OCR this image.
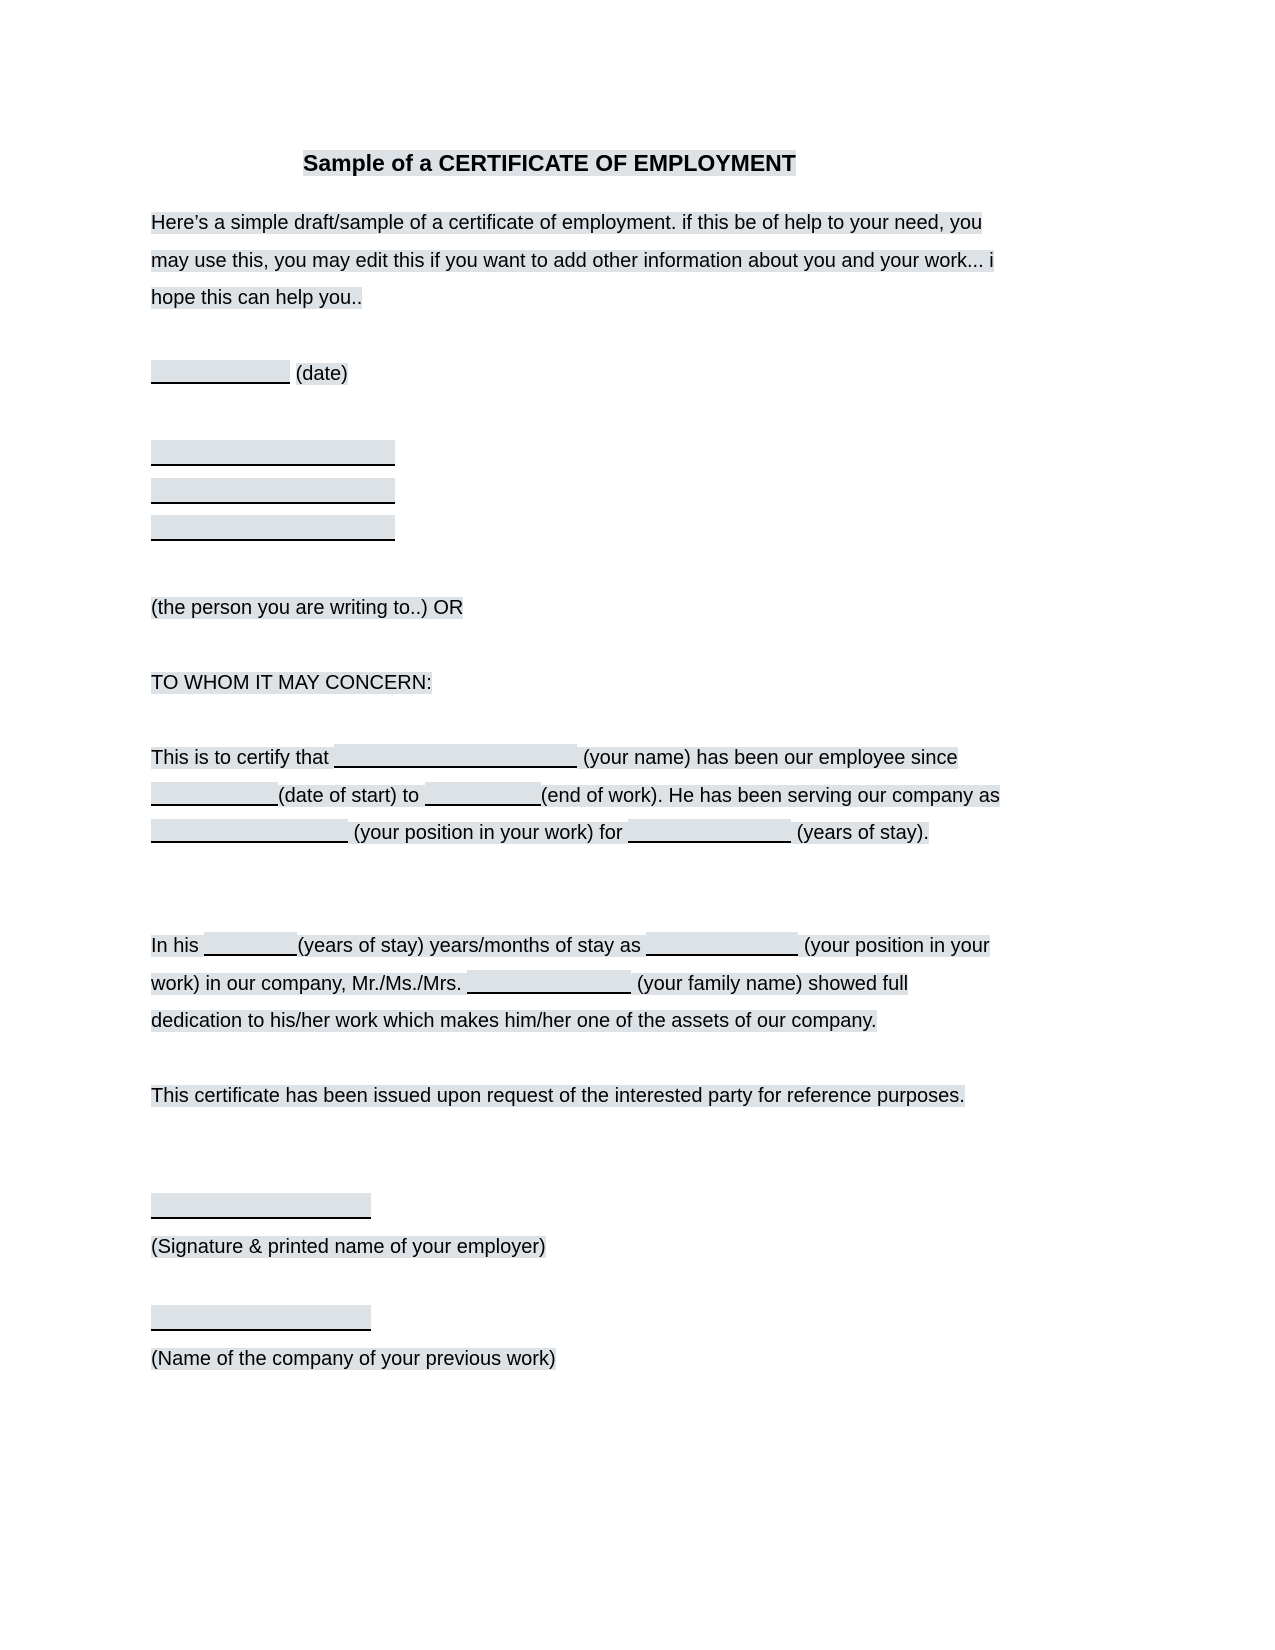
Sample of a CERTIFICATE OF EMPLOYMENT

Here’s a simple draft/sample of a certificate of employment. if this be of help to your need, you may use this, you may edit this if you want to add other information about you and your work... i hope this can help you..

(date)

(the person you are writing to..) OR

TO WHOM IT MAY CONCERN:

This is to certify that	(your name) has been our employee since (date of start) to	(end of work). He has been serving our company as  (your position in your work) for	(years of stay).

In his	(years of stay) years/months of stay as	(your position in your work) in our company, Mr./Ms./Mrs.	(your family name) showed full dedication to his/her work which makes him/her one of the assets of our company.

This certificate has been issued upon request of the interested party for reference purposes.

(Signature & printed name of your employer)

(Name of the company of your previous work)
